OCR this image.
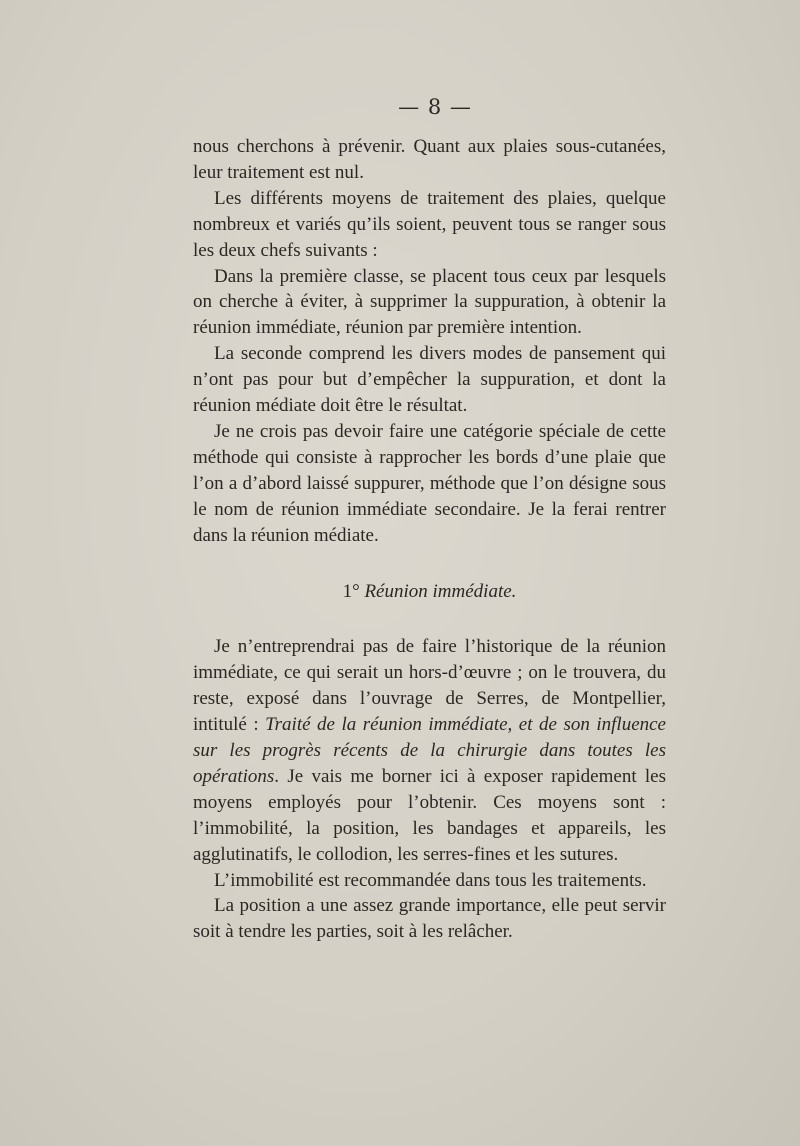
— 8 —

nous cherchons à prévenir. Quant aux plaies sous-cutanées, leur traitement est nul.

Les différents moyens de traitement des plaies, quelque nombreux et variés qu’ils soient, peuvent tous se ranger sous les deux chefs suivants :

Dans la première classe, se placent tous ceux par lesquels on cherche à éviter, à supprimer la suppuration, à obtenir la réunion immédiate, réunion par première intention.

La seconde comprend les divers modes de pansement qui n’ont pas pour but d’empêcher la suppuration, et dont la réunion médiate doit être le résultat.

Je ne crois pas devoir faire une catégorie spéciale de cette méthode qui consiste à rapprocher les bords d’une plaie que l’on a d’abord laissé suppurer, méthode que l’on désigne sous le nom de réunion immédiate secondaire. Je la ferai rentrer dans la réunion médiate.

1° Réunion immédiate.

Je n’entreprendrai pas de faire l’historique de la réunion immédiate, ce qui serait un hors-d’œuvre ; on le trouvera, du reste, exposé dans l’ouvrage de Serres, de Montpellier, intitulé : Traité de la réunion immédiate, et de son influence sur les progrès récents de la chirurgie dans toutes les opérations. Je vais me borner ici à exposer rapidement les moyens employés pour l’obtenir. Ces moyens sont : l’immobilité, la position, les bandages et appareils, les agglutinatifs, le collodion, les serres-fines et les sutures.

L’immobilité est recommandée dans tous les traitements.

La position a une assez grande importance, elle peut servir soit à tendre les parties, soit à les relâcher.
